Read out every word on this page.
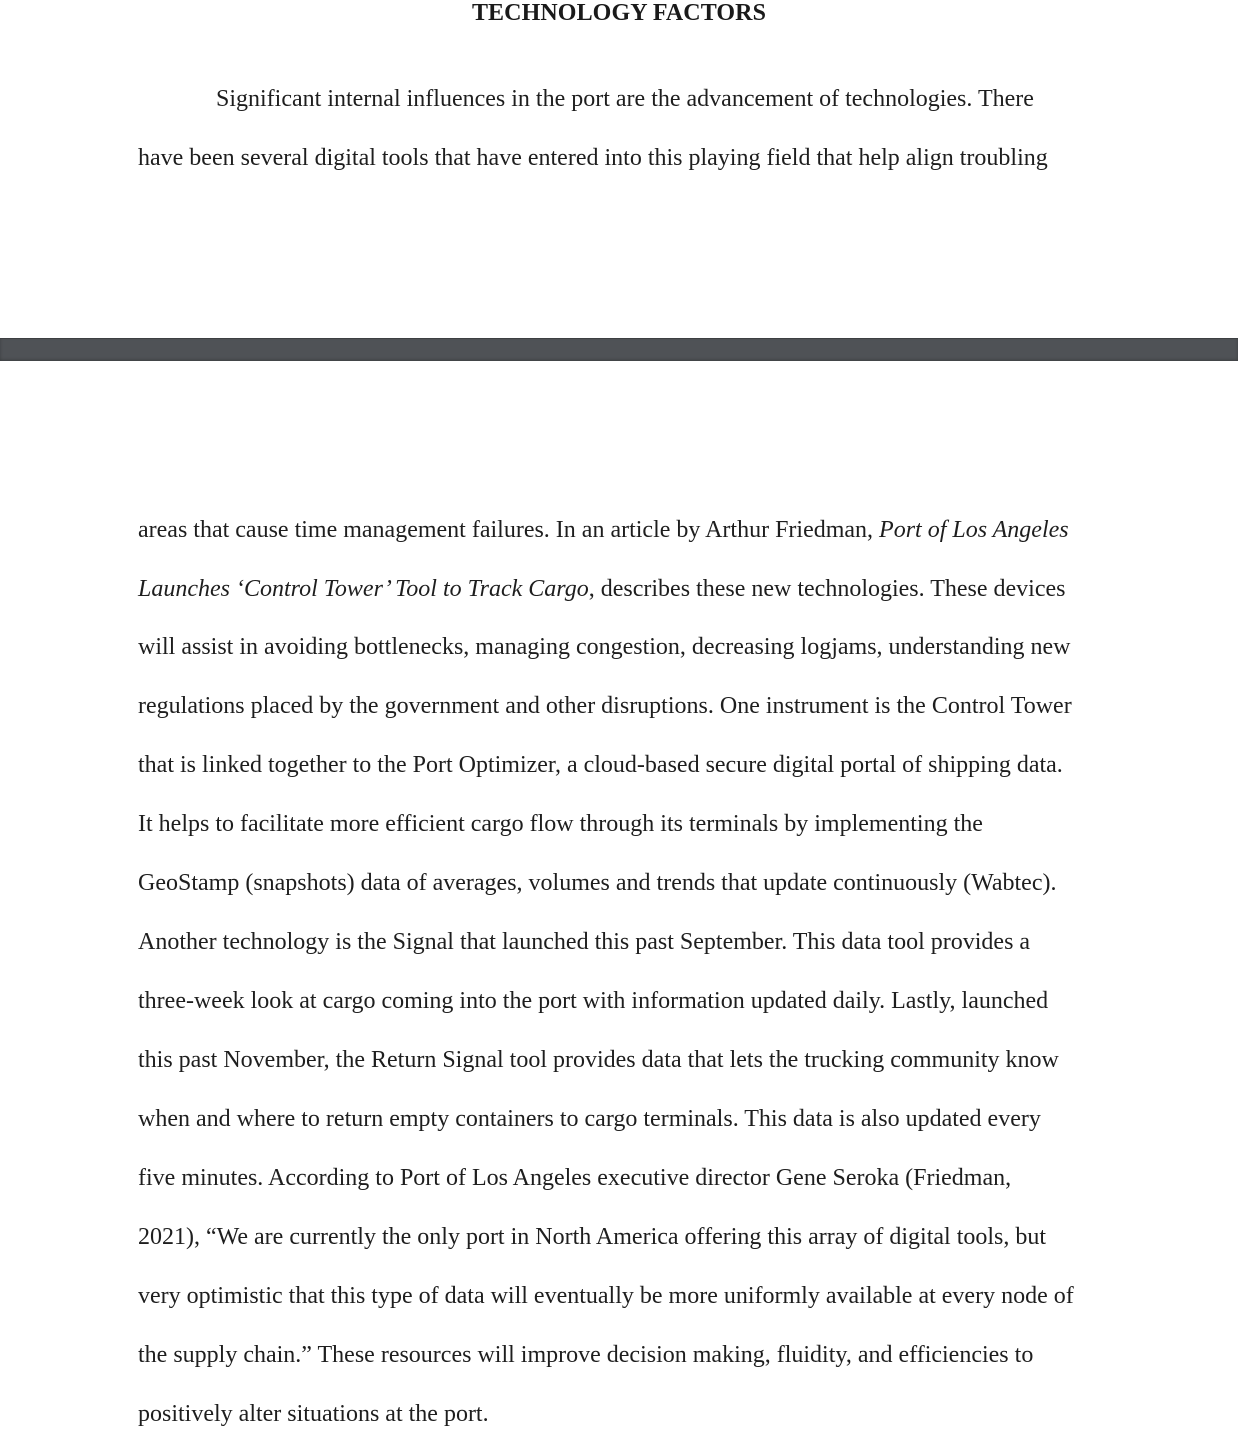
TECHNOLOGY FACTORS
Significant internal influences in the port are the advancement of technologies. There
have been several digital tools that have entered into this playing field that help align troubling
areas that cause time management failures. In an article by Arthur Friedman, Port of Los Angeles
Launches ‘Control Tower’ Tool to Track Cargo, describes these new technologies. These devices
will assist in avoiding bottlenecks, managing congestion, decreasing logjams, understanding new
regulations placed by the government and other disruptions. One instrument is the Control Tower
that is linked together to the Port Optimizer, a cloud-based secure digital portal of shipping data.
It helps to facilitate more efficient cargo flow through its terminals by implementing the
GeoStamp (snapshots) data of averages, volumes and trends that update continuously (Wabtec).
Another technology is the Signal that launched this past September. This data tool provides a
three-week look at cargo coming into the port with information updated daily. Lastly, launched
this past November, the Return Signal tool provides data that lets the trucking community know
when and where to return empty containers to cargo terminals. This data is also updated every
five minutes. According to Port of Los Angeles executive director Gene Seroka (Friedman,
2021), “We are currently the only port in North America offering this array of digital tools, but
very optimistic that this type of data will eventually be more uniformly available at every node of
the supply chain.” These resources will improve decision making, fluidity, and efficiencies to
positively alter situations at the port.
